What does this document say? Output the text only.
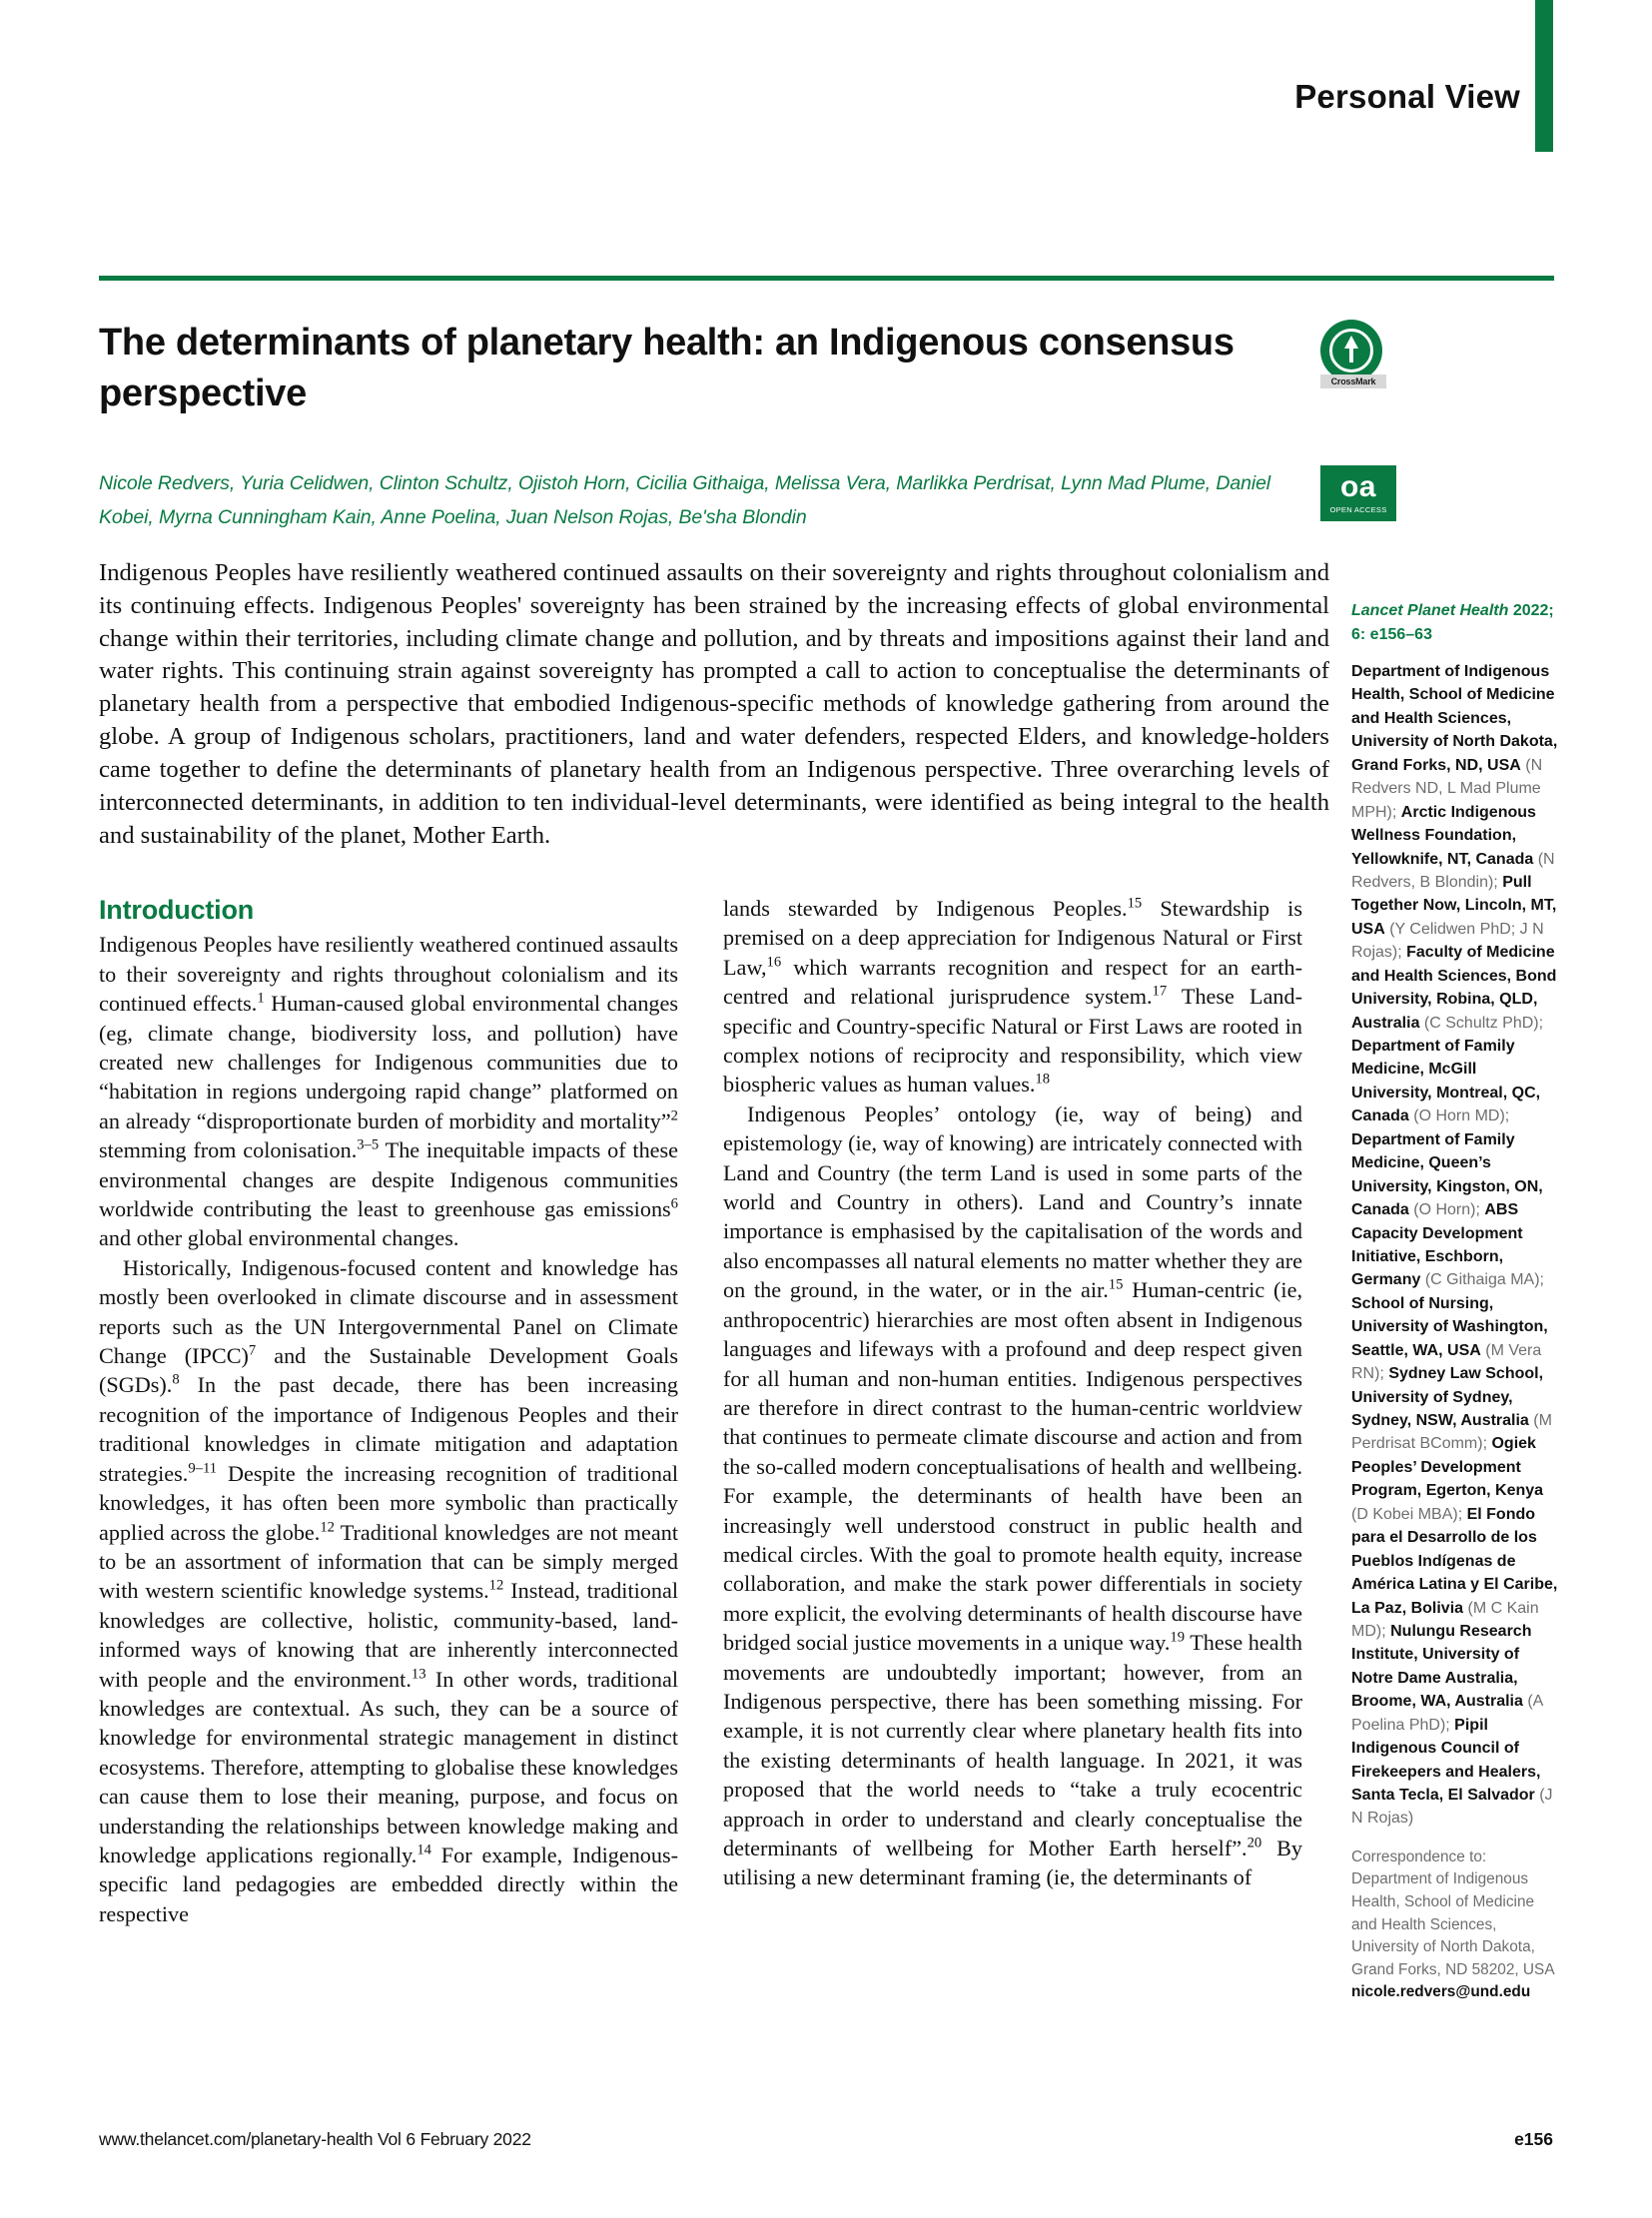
Personal View
The determinants of planetary health: an Indigenous consensus perspective
Nicole Redvers, Yuria Celidwen, Clinton Schultz, Ojistoh Horn, Cicilia Githaiga, Melissa Vera, Marlikka Perdrisat, Lynn Mad Plume, Daniel Kobei, Myrna Cunningham Kain, Anne Poelina, Juan Nelson Rojas, Be'sha Blondin
CrossMark
oa
OPEN ACCESS
Indigenous Peoples have resiliently weathered continued assaults on their sovereignty and rights throughout colonialism and its continuing effects. Indigenous Peoples' sovereignty has been strained by the increasing effects of global environmental change within their territories, including climate change and pollution, and by threats and impositions against their land and water rights. This continuing strain against sovereignty has prompted a call to action to conceptualise the determinants of planetary health from a perspective that embodied Indigenous-specific methods of knowledge gathering from around the globe. A group of Indigenous scholars, practitioners, land and water defenders, respected Elders, and knowledge-holders came together to define the determinants of planetary health from an Indigenous perspective. Three overarching levels of interconnected determinants, in addition to ten individual-level determinants, were identified as being integral to the health and sustainability of the planet, Mother Earth.
Introduction

Indigenous Peoples have resiliently weathered continued assaults to their sovereignty and rights throughout colonialism and its continued effects.$^1$ Human-caused global environmental changes (eg, climate change, biodiversity loss, and pollution) have created new challenges for Indigenous communities due to “habitation in regions undergoing rapid change” platformed on an already “disproportionate burden of morbidity and mortality”$^2$ stemming from colonisation.$^{3-5}$ The inequitable impacts of these environmental changes are despite Indigenous communities worldwide contributing the least to greenhouse gas emissions$^6$ and other global environmental changes.

Historically, Indigenous-focused content and knowledge has mostly been overlooked in climate discourse and in assessment reports such as the UN Intergovernmental Panel on Climate Change (IPCC)$^7$ and the Sustainable Development Goals (SGDs).$^8$ In the past decade, there has been increasing recognition of the importance of Indigenous Peoples and their traditional knowledges in climate mitigation and adaptation strategies.$^{9-11}$ Despite the increasing recognition of traditional knowledges, it has often been more symbolic than practically applied across the globe.$^{12}$ Traditional knowledges are not meant to be an assortment of information that can be simply merged with western scientific knowledge systems.$^{12}$ Instead, traditional knowledges are collective, holistic, community-based, land-informed ways of knowing that are inherently interconnected with people and the environment.$^{13}$ In other words, traditional knowledges are contextual. As such, they can be a source of knowledge for environmental strategic management in distinct ecosystems. Therefore, attempting to globalise these knowledges can cause them to lose their meaning, purpose, and focus on understanding the relationships between knowledge making and knowledge applications regionally.$^{14}$ For example, Indigenous-specific land pedagogies are embedded directly within the respective

lands stewarded by Indigenous Peoples.$^{15}$ Stewardship is premised on a deep appreciation for Indigenous Natural or First Law,$^{16}$ which warrants recognition and respect for an earth-centred and relational jurisprudence system.$^{17}$ These Land-specific and Country-specific Natural or First Laws are rooted in complex notions of reciprocity and responsibility, which view biospheric values as human values.$^{18}$

Indigenous Peoples’ ontology (ie, way of being) and epistemology (ie, way of knowing) are intricately connected with Land and Country (the term Land is used in some parts of the world and Country in others). Land and Country’s innate importance is emphasised by the capitalisation of the words and also encompasses all natural elements no matter whether they are on the ground, in the water, or in the air.$^{15}$ Human-centric (ie, anthropocentric) hierarchies are most often absent in Indigenous languages and lifeways with a profound and deep respect given for all human and non-human entities. Indigenous perspectives are therefore in direct contrast to the human-centric worldview that continues to permeate climate discourse and action and from the so-called modern conceptualisations of health and wellbeing. For example, the determinants of health have been an increasingly well understood construct in public health and medical circles. With the goal to promote health equity, increase collaboration, and make the stark power differentials in society more explicit, the evolving determinants of health discourse have bridged social justice movements in a unique way.$^{19}$ These health movements are undoubtedly important; however, from an Indigenous perspective, there has been something missing. For example, it is not currently clear where planetary health fits into the existing determinants of health language. In 2021, it was proposed that the world needs to “take a truly ecocentric approach in order to understand and clearly conceptualise the determinants of wellbeing for Mother Earth herself”.$^{20}$ By utilising a new determinant framing (ie, the determinants of

Lancet Planet Health 2022;
6: e156–63
Department of Indigenous Health, School of Medicine and Health Sciences, University of North Dakota, Grand Forks, ND, USA (N Redvers ND, L Mad Plume MPH); Arctic Indigenous Wellness Foundation, Yellowknife, NT, Canada (N Redvers, B Blondin); Pull Together Now, Lincoln, MT, USA (Y Celidwen PhD; J N Rojas); Faculty of Medicine and Health Sciences, Bond University, Robina, QLD, Australia (C Schultz PhD); Department of Family Medicine, McGill University, Montreal, QC, Canada (O Horn MD); Department of Family Medicine, Queen’s University, Kingston, ON, Canada (O Horn); ABS Capacity Development Initiative, Eschborn, Germany (C Githaiga MA); School of Nursing, University of Washington, Seattle, WA, USA (M Vera RN); Sydney Law School, University of Sydney, Sydney, NSW, Australia (M Perdrisat BComm); Ogiek Peoples’ Development Program, Egerton, Kenya (D Kobei MBA); El Fondo para el Desarrollo de los Pueblos Indígenas de América Latina y El Caribe, La Paz, Bolivia (M C Kain MD); Nulungu Research Institute, University of Notre Dame Australia, Broome, WA, Australia (A Poelina PhD); Pipil Indigenous Council of Firekeepers and Healers, Santa Tecla, El Salvador (J N Rojas)
Correspondence to: Department of Indigenous Health, School of Medicine and Health Sciences, University of North Dakota, Grand Forks, ND 58202, USA
nicole.redvers@und.edu
www.thelancet.com/planetary-health Vol 6 February 2022	e156
